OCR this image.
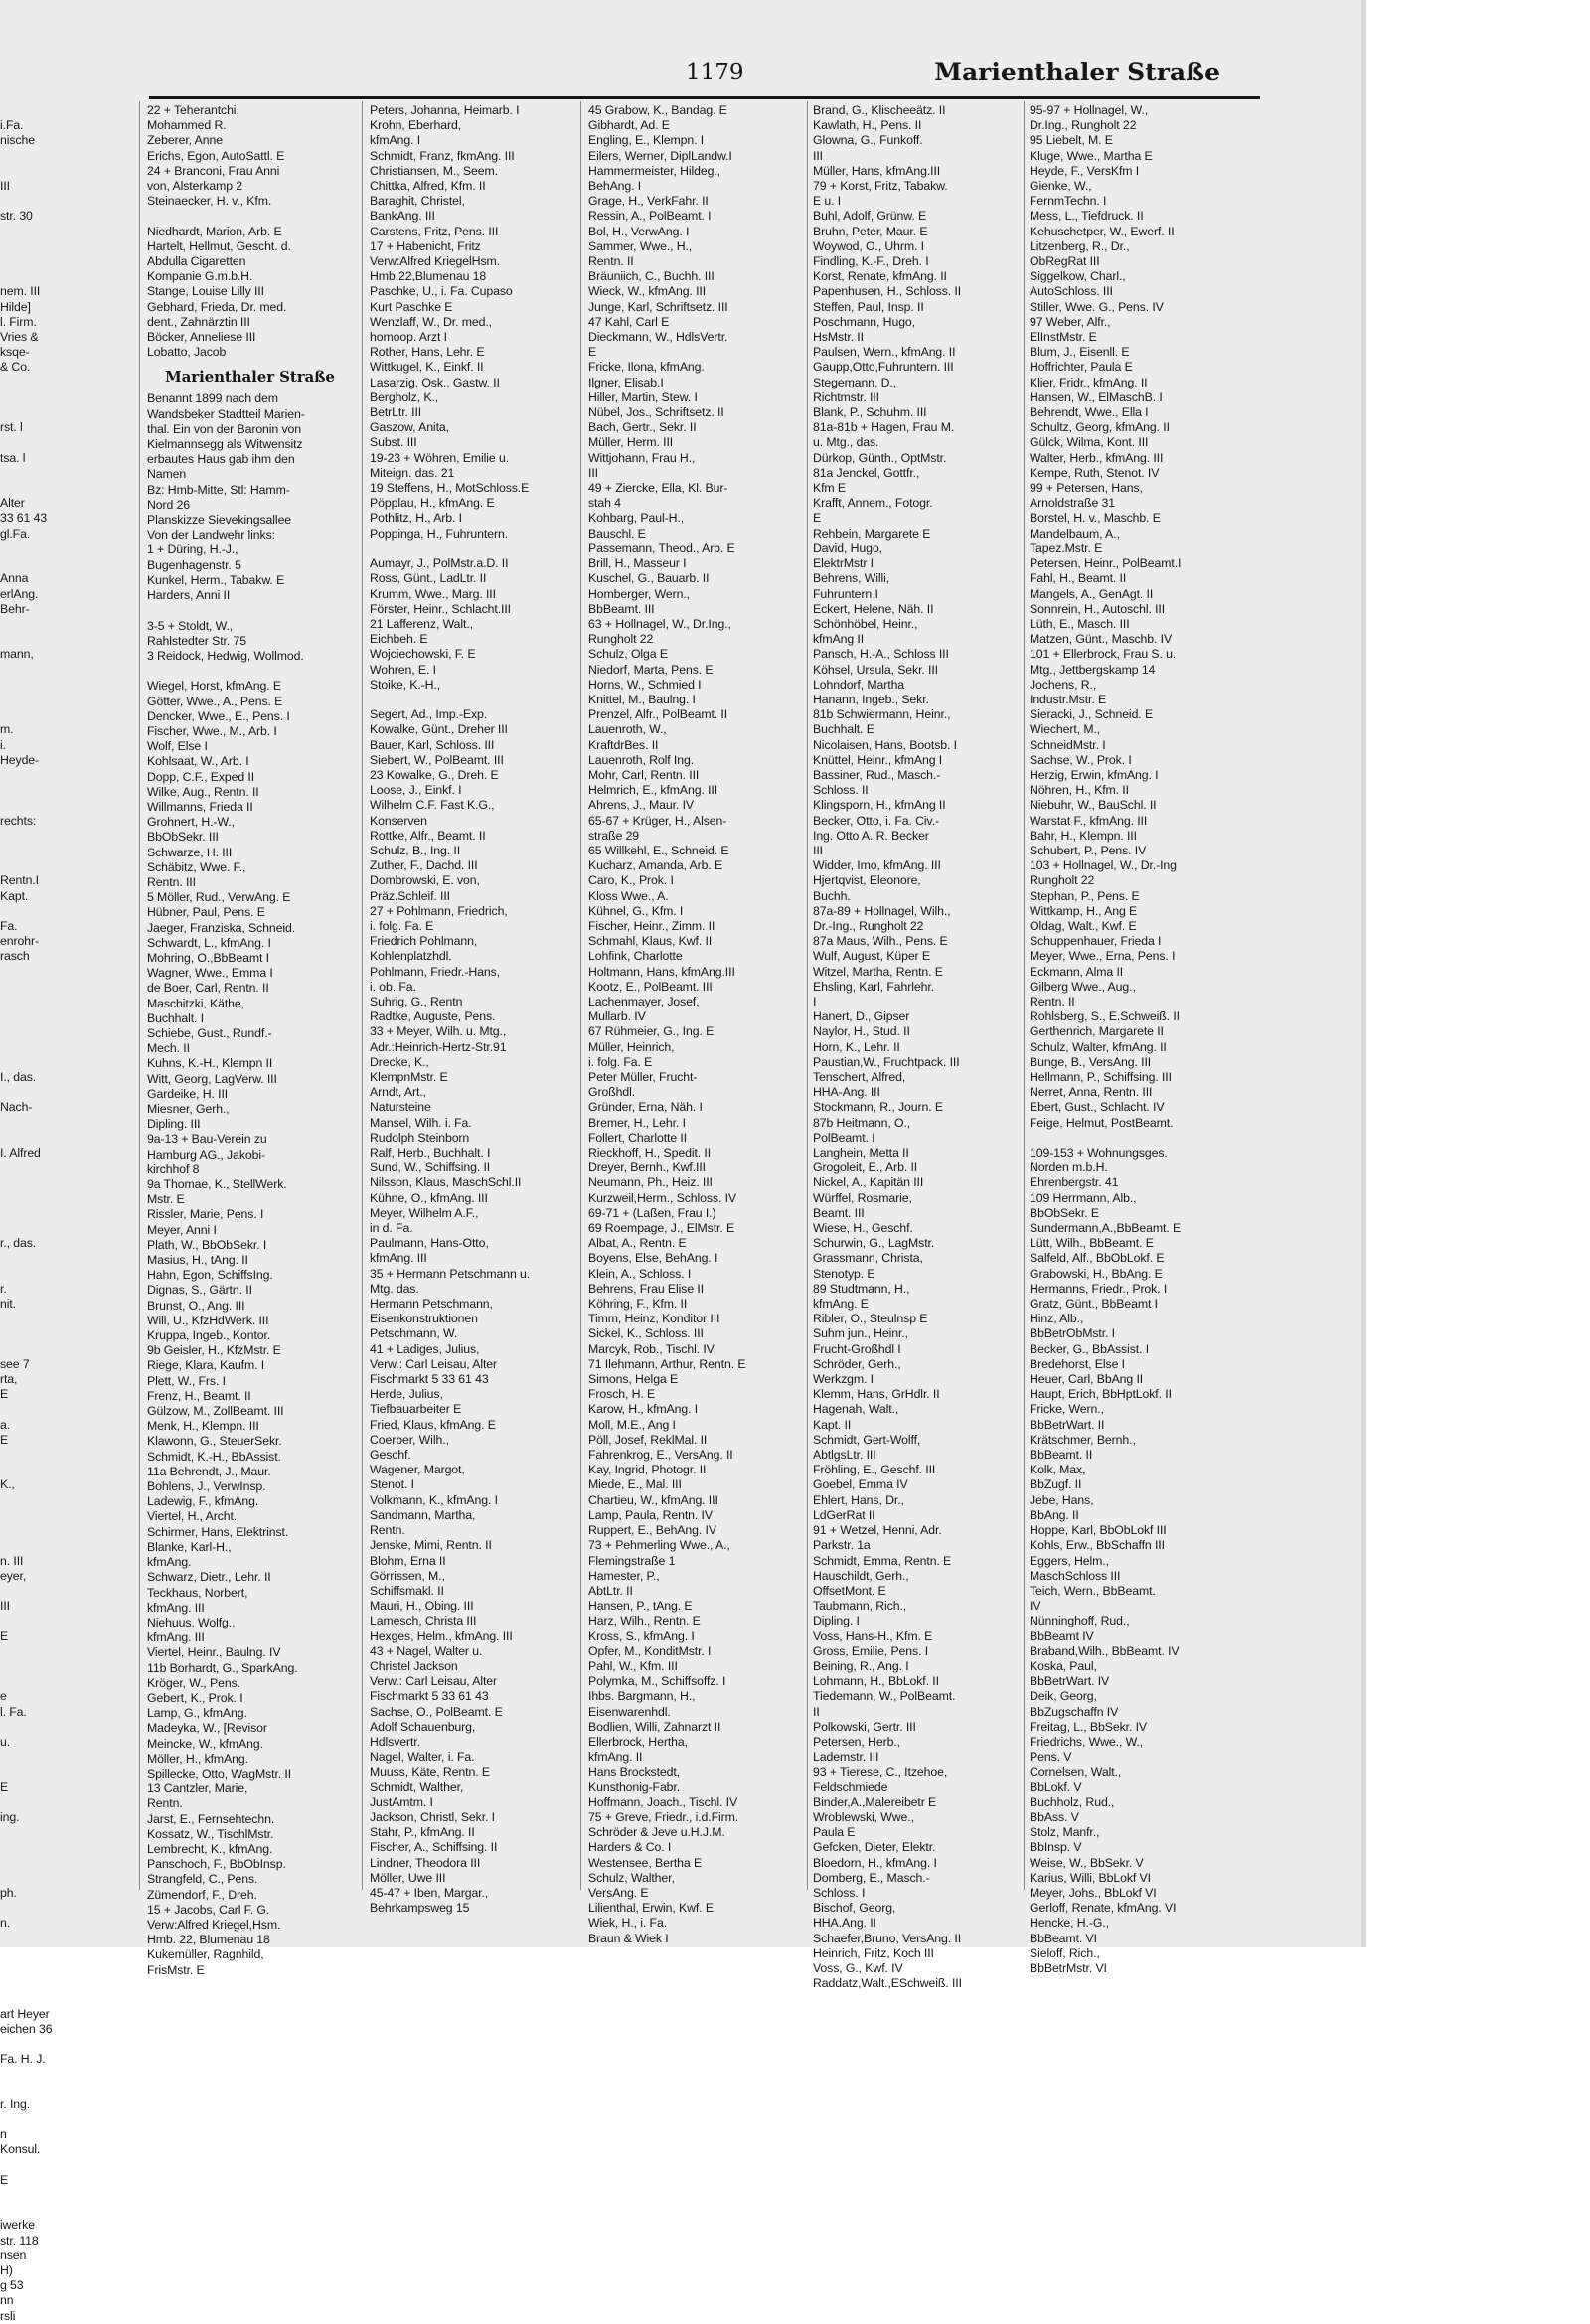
1179	Marienthaler Straße

i.Fa.
nische

III

str. 30

nem. III
Hilde]
l. Firm.
Vries &
ksqe-
& Co.

rst. l

tsa. l

Alter
33 61 43
gl.Fa.

Anna
erlAng.
Behr-

mann,

m.
i.
Heyde-

rechts:

Rentn.I
Kapt.

Fa.
enrohr-
rasch

I., das.

Nach-

I. Alfred

r., das.

r.
nit.

see 7
rta,
E

a.
E

K.,

n. III
eyer,

III

E

e
l. Fa.

u.

E

ing.

ph.

n.

art Heyer
eichen 36

Fa. H. J.

r. Ing.

n
Konsul.

E

iwerke
str. 118
nsen
H)
g 53
nn
rsli
22 + Teherantchi,
Mohammed R.
Zeberer, Anne
Erichs, Egon, AutoSattl. E
24 + Branconi, Frau Anni
von, Alsterkamp 2
Steinaecker, H. v., Kfm.

Niedhardt, Marion, Arb. E
Hartelt, Hellmut, Gescht. d.
Abdulla Cigaretten
Kompanie G.m.b.H.
Stange, Louise Lilly III
Gebhard, Frieda, Dr. med.
dent., Zahnärztin III
Böcker, Anneliese III
Lobatto, Jacob
Marienthaler Straße
Benannt 1899 nach dem
Wandsbeker Stadtteil Marien-
thal. Ein von der Baronin von
Kielmannsegg als Witwensitz
erbautes Haus gab ihm den
Namen
Bz: Hmb-Mitte, Stl: Hamm-
Nord 26
Planskizze Sievekingsallee
Von der Landwehr links:
1 + Düring, H.-J.,
Bugenhagenstr. 5
Kunkel, Herm., Tabakw. E
Harders, Anni II

3-5 + Stoldt, W.,
Rahlstedter Str. 75
3 Reidock, Hedwig, Wollmod.

Wiegel, Horst, kfmAng. E
Götter, Wwe., A., Pens. E
Dencker, Wwe., E., Pens. I
Fischer, Wwe., M., Arb. I
Wolf, Else I
Kohlsaat, W., Arb. I
Dopp, C.F., Exped II
Wilke, Aug., Rentn. II
Willmanns, Frieda II
Grohnert, H.-W.,
BbObSekr. III
Schwarze, H. III
Schäbitz, Wwe. F.,
Rentn. III
5 Möller, Rud., VerwAng. E
Hübner, Paul, Pens. E
Jaeger, Franziska, Schneid.
Schwardt, L., kfmAng. I
Mohring, O.,BbBeamt I
Wagner, Wwe., Emma I
de Boer, Carl, Rentn. II
Maschitzki, Käthe,
Buchhalt. I
Schiebe, Gust., Rundf.-
Mech. II
Kuhns, K.-H., Klempn II
Witt, Georg, LagVerw. III
Gardeike, H. III
Miesner, Gerh.,
Dipling. III
9a-13 + Bau-Verein zu
Hamburg AG., Jakobi-
kirchhof 8
9a Thomae, K., StellWerk.
Mstr. E
Rissler, Marie, Pens. I
Meyer, Anni I
Plath, W., BbObSekr. I
Masius, H., tAng. II
Hahn, Egon, SchiffsIng.
Dignas, S., Gärtn. II
Brunst, O., Ang. III
Will, U., KfzHdWerk. III
Kruppa, Ingeb., Kontor.
9b Geisler, H., KfzMstr. E
Riege, Klara, Kaufm. I
Plett, W., Frs. I
Frenz, H., Beamt. II
Gülzow, M., ZollBeamt. III
Menk, H., Klempn. III
Klawonn, G., SteuerSekr.
Schmidt, K.-H., BbAssist.
11a Behrendt, J., Maur.
Bohlens, J., VerwInsp.
Ladewig, F., kfmAng.
Viertel, H., Archt.
Schirmer, Hans, Elektrinst.
Blanke, Karl-H.,
kfmAng.
Schwarz, Dietr., Lehr. II
Teckhaus, Norbert,
kfmAng. III
Niehuus, Wolfg.,
kfmAng. III
Viertel, Heinr., Baulng. IV
11b Borhardt, G., SparkAng.
Kröger, W., Pens.
Gebert, K., Prok. I
Lamp, G., kfmAng.
Madeyka, W., [Revisor
Meincke, W., kfmAng.
Möller, H., kfmAng.
Spillecke, Otto, WagMstr. II
13 Cantzler, Marie,
Rentn.
Jarst, E., Fernsehtechn.
Kossatz, W., TischlMstr.
Lembrecht, K., kfmAng.
Panschoch, F., BbObInsp.
Strangfeld, C., Pens.
Zümendorf, F., Dreh.
15 + Jacobs, Carl F. G.
Verw:Alfred Kriegel,Hsm.
Hmb. 22, Blumenau 18
Kukemüller, Ragnhild,
FrisMstr. E
Peters, Johanna, Heimarb. I
Krohn, Eberhard,
kfmAng. I
Schmidt, Franz, fkmAng. III
Christiansen, M., Seem.
Chittka, Alfred, Kfm. II
Baraghit, Christel,
BankAng. III
Carstens, Fritz, Pens. III
17 + Habenicht, Fritz
Verw:Alfred KriegelHsm.
Hmb.22,Blumenau 18
Paschke, U., i. Fa. Cupaso
Kurt Paschke E
Wenzlaff, W., Dr. med.,
homoop. Arzt I
Rother, Hans, Lehr. E
Wittkugel, K., Einkf. II
Lasarzig, Osk., Gastw. II
Bergholz, K.,
BetrLtr. III
Gaszow, Anita,
Subst. III
19-23 + Wöhren, Emilie u.
Miteign. das. 21
19 Steffens, H., MotSchloss.E
Pöpplau, H., kfmAng. E
Pothlitz, H., Arb. I
Poppinga, H., Fuhruntern.

Aumayr, J., PolMstr.a.D. II
Ross, Günt., LadLtr. II
Krumm, Wwe., Marg. III
Förster, Heinr., Schlacht.III
21 Lafferenz, Walt.,
Eichbeh. E
Wojciechowski, F. E
Wohren, E. I
Stoike, K.-H.,

Segert, Ad., Imp.-Exp.
Kowalke, Günt., Dreher III
Bauer, Karl, Schloss. III
Siebert, W., PolBeamt. III
23 Kowalke, G., Dreh. E
Loose, J., Einkf. I
Wilhelm C.F. Fast K.G.,
Konserven
Rottke, Alfr., Beamt. II
Schulz, B., Ing. II
Zuther, F., Dachd. III
Dombrowski, E. von,
Präz.Schleif. III
27 + Pohlmann, Friedrich,
i. folg. Fa. E
Friedrich Pohlmann,
Kohlenplatzhdl.
Pohlmann, Friedr.-Hans,
i. ob. Fa.
Suhrig, G., Rentn
Radtke, Auguste, Pens.
33 + Meyer, Wilh. u. Mtg.,
Adr.:Heinrich-Hertz-Str.91
Drecke, K.,
KlempnMstr. E
Arndt, Art.,
Natursteine
Mansel, Wilh. i. Fa.
Rudolph Steinborn
Ralf, Herb., Buchhalt. I
Sund, W., Schiffsing. II
Nilsson, Klaus, MaschSchl.II
Kühne, O., kfmAng. III
Meyer, Wilhelm A.F.,
in d. Fa.
Paulmann, Hans-Otto,
kfmAng. III
35 + Hermann Petschmann u.
Mtg. das.
Hermann Petschmann,
Eisenkonstruktionen
Petschmann, W.
41 + Ladiges, Julius,
Verw.: Carl Leisau, Alter
Fischmarkt 5 33 61 43
Herde, Julius,
Tiefbauarbeiter E
Fried, Klaus, kfmAng. E
Coerber, Wilh.,
Geschf.
Wagener, Margot,
Stenot. I
Volkmann, K., kfmAng. I
Sandmann, Martha,
Rentn.
Jenske, Mimi, Rentn. II
Blohm, Erna II
Görrissen, M.,
Schiffsmakl. II
Mauri, H., Obing. III
Lamesch, Christa III
Hexges, Helm., kfmAng. III
43 + Nagel, Walter u.
Christel Jackson
Verw.: Carl Leisau, Alter
Fischmarkt 5 33 61 43
Sachse, O., PolBeamt. E
Adolf Schauenburg,
Hdlsvertr.
Nagel, Walter, i. Fa.
Muuss, Käte, Rentn. E
Schmidt, Walther,
JustAmtm. I
Jackson, Christl, Sekr. I
Stahr, P., kfmAng. II
Fischer, A., Schiffsing. II
Lindner, Theodora III
Möller, Uwe III
45-47 + Iben, Margar.,
Behrkampsweg 15
45 Grabow, K., Bandag. E
Gibhardt, Ad. E
Engling, E., Klempn. I
Eilers, Werner, DiplLandw.I
Hammermeister, Hildeg.,
BehAng. I
Grage, H., VerkFahr. II
Ressin, A., PolBeamt. I
Bol, H., VerwAng. I
Sammer, Wwe., H.,
Rentn. II
Bräuniich, C., Buchh. III
Wieck, W., kfmAng. III
Junge, Karl, Schriftsetz. III
47 Kahl, Carl E
Dieckmann, W., HdlsVertr.
E
Fricke, Ilona, kfmAng.
Ilgner, Elisab.I
Hiller, Martin, Stew. I
Nübel, Jos., Schriftsetz. II
Bach, Gertr., Sekr. II
Müller, Herm. III
Wittjohann, Frau H.,
III
49 + Ziercke, Ella, Kl. Bur-
stah 4
Kohbarg, Paul-H.,
Bauschl. E
Passemann, Theod., Arb. E
Brill, H., Masseur I
Kuschel, G., Bauarb. II
Homberger, Wern.,
BbBeamt. III
63 + Hollnagel, W., Dr.Ing.,
Rungholt 22
Schulz, Olga E
Niedorf, Marta, Pens. E
Horns, W., Schmied I
Knittel, M., Baulng. I
Prenzel, Alfr., PolBeamt. II
Lauenroth, W.,
KraftdrBes. II
Lauenroth, Rolf Ing.
Mohr, Carl, Rentn. III
Helmrich, E., kfmAng. III
Ahrens, J., Maur. IV
65-67 + Krüger, H., Alsen-
straße 29
65 Willkehl, E., Schneid. E
Kucharz, Amanda, Arb. E
Caro, K., Prok. I
Kloss Wwe., A.
Kühnel, G., Kfm. I
Fischer, Heinr., Zimm. II
Schmahl, Klaus, Kwf. II
Lohfink, Charlotte
Holtmann, Hans, kfmAng.III
Kootz, E., PolBeamt. III
Lachenmayer, Josef,
Mullarb. IV
67 Rühmeier, G., Ing. E
Müller, Heinrich,
i. folg. Fa. E
Peter Müller, Frucht-
Großhdl.
Gründer, Erna, Näh. I
Bremer, H., Lehr. I
Follert, Charlotte II
Rieckhoff, H., Spedit. II
Dreyer, Bernh., Kwf.III
Neumann, Ph., Heiz. III
Kurzweil,Herm., Schloss. IV
69-71 + (Laßen, Frau I.)
69 Roempage, J., ElMstr. E
Albat, A., Rentn. E
Boyens, Else, BehAng. I
Klein, A., Schloss. I
Behrens, Frau Elise II
Köhring, F., Kfm. II
Timm, Heinz, Konditor III
Sickel, K., Schloss. III
Marcyk, Rob., Tischl. IV
71 Ilehmann, Arthur, Rentn. E
Simons, Helga E
Frosch, H. E
Karow, H., kfmAng. I
Moll, M.E., Ang I
Pöll, Josef, ReklMal. II
Fahrenkrog, E., VersAng. II
Kay, Ingrid, Photogr. II
Miede, E., Mal. III
Chartieu, W., kfmAng. III
Lamp, Paula, Rentn. IV
Ruppert, E., BehAng. IV
73 + Pehmerling Wwe., A.,
Flemingstraße 1
Hamester, P.,
AbtLtr. II
Hansen, P., tAng. E
Harz, Wilh., Rentn. E
Kross, S., kfmAng. I
Opfer, M., KonditMstr. I
Pahl, W., Kfm. III
Polymka, M., Schiffsoffz. I
Ihbs. Bargmann, H.,
Eisenwarenhdl.
Bodlien, Willi, Zahnarzt II
Ellerbrock, Hertha,
kfmAng. II
Hans Brockstedt,
Kunsthonig-Fabr.
Hoffmann, Joach., Tischl. IV
75 + Greve, Friedr., i.d.Firm.
Schröder & Jeve u.H.J.M.
Harders & Co. I
Westensee, Bertha E
Schulz, Walther,
VersAng. E
Lilienthal, Erwin, Kwf. E
Wiek, H., i. Fa.
Braun & Wiek I
Brand, G., Klischeeätz. II
Kawlath, H., Pens. II
Glowna, G., Funkoff.
III
Müller, Hans, kfmAng.III
79 + Korst, Fritz, Tabakw.
E u. I
Buhl, Adolf, Grünw. E
Bruhn, Peter, Maur. E
Woywod, O., Uhrm. I
Findling, K.-F., Dreh. I
Korst, Renate, kfmAng. II
Papenhusen, H., Schloss. II
Steffen, Paul, Insp. II
Poschmann, Hugo,
HsMstr. II
Paulsen, Wern., kfmAng. II
Gaupp,Otto,Fuhruntern. III
Stegemann, D.,
Richtmstr. III
Blank, P., Schuhm. III
81a-81b + Hagen, Frau M.
u. Mtg., das.
Dürkop, Günth., OptMstr.
81a Jenckel, Gottfr.,
Kfm E
Krafft, Annem., Fotogr.
E
Rehbein, Margarete E
David, Hugo,
ElektrMstr I
Behrens, Willi,
Fuhruntern I
Eckert, Helene, Näh. II
Schönhöbel, Heinr.,
kfmAng II
Pansch, H.-A., Schloss III
Köhsel, Ursula, Sekr. III
Lohndorf, Martha
Hanann, Ingeb., Sekr.
81b Schwiermann, Heinr.,
Buchhalt. E
Nicolaisen, Hans, Bootsb. I
Knüttel, Heinr., kfmAng I
Bassiner, Rud., Masch.-
Schloss. II
Klingsporn, H., kfmAng II
Becker, Otto, i. Fa. Civ.-
Ing. Otto A. R. Becker
III
Widder, Imo, kfmAng. III
Hjertqvist, Eleonore,
Buchh.
87a-89 + Hollnagel, Wilh.,
Dr.-Ing., Rungholt 22
87a Maus, Wilh., Pens. E
Wulf, August, Küper E
Witzel, Martha, Rentn. E
Ehsling, Karl, Fahrlehr.
I
Hanert, D., Gipser
Naylor, H., Stud. II
Horn, K., Lehr. II
Paustian,W., Fruchtpack. III
Tenschert, Alfred,
HHA-Ang. III
Stockmann, R., Journ. E
87b Heitmann, O.,
PolBeamt. I
Langhein, Metta II
Grogoleit, E., Arb. II
Nickel, A., Kapitän III
Würffel, Rosmarie,
Beamt. III
Wiese, H., Geschf.
Schurwin, G., LagMstr.
Grassmann, Christa,
Stenotyp. E
89 Studtmann, H.,
kfmAng. E
Ribler, O., Steulnsp E
Suhm jun., Heinr.,
Frucht-Großhdl I
Schröder, Gerh.,
Werkzgm. I
Klemm, Hans, GrHdlr. II
Hagenah, Walt.,
Kapt. II
Schmidt, Gert-Wolff,
AbtlgsLtr. III
Fröhling, E., Geschf. III
Goebel, Emma IV
Ehlert, Hans, Dr.,
LdGerRat II
91 + Wetzel, Henni, Adr.
Parkstr. 1a
Schmidt, Emma, Rentn. E
Hauschildt, Gerh.,
OffsetMont. E
Taubmann, Rich.,
Dipling. I
Voss, Hans-H., Kfm. E
Gross, Emilie, Pens. I
Beining, R., Ang. I
Lohmann, H., BbLokf. II
Tiedemann, W., PolBeamt.
II
Polkowski, Gertr. III
Petersen, Herb.,
Lademstr. III
93 + Tierese, C., Itzehoe,
Feldschmiede
Binder,A.,Malereibetr E
Wroblewski, Wwe.,
Paula E
Gefcken, Dieter, Elektr.
Bloedorn, H., kfmAng. I
Domberg, E., Masch.-
Schloss. I
Bischof, Georg,
HHA.Ang. II
Schaefer,Bruno, VersAng. II
Heinrich, Fritz, Koch III
Voss, G., Kwf. IV
Raddatz,Walt.,ESchweiß. III
95-97 + Hollnagel, W.,
Dr.Ing., Rungholt 22
95 Liebelt, M. E
Kluge, Wwe., Martha E
Heyde, F., VersKfm I
Gienke, W.,
FernmTechn. I
Mess, L., Tiefdruck. II
Kehuschetper, W., Ewerf. II
Litzenberg, R., Dr.,
ObRegRat III
Siggelkow, Charl.,
AutoSchloss. III
Stiller, Wwe. G., Pens. IV
97 Weber, Alfr.,
ElInstMstr. E
Blum, J., Eisenll. E
Hoffrichter, Paula E
Klier, Fridr., kfmAng. II
Hansen, W., ElMaschB. I
Behrendt, Wwe., Ella I
Schultz, Georg, kfmAng. II
Gülck, Wilma, Kont. III
Walter, Herb., kfmAng. III
Kempe, Ruth, Stenot. IV
99 + Petersen, Hans,
Arnoldstraße 31
Borstel, H. v., Maschb. E
Mandelbaum, A.,
Tapez.Mstr. E
Petersen, Heinr., PolBeamt.I
Fahl, H., Beamt. II
Mangels, A., GenAgt. II
Sonnrein, H., Autoschl. III
Lüth, E., Masch. III
Matzen, Günt., Maschb. IV
101 + Ellerbrock, Frau S. u.
Mtg., Jettbergskamp 14
Jochens, R.,
Industr.Mstr. E
Sieracki, J., Schneid. E
Wiechert, M.,
SchneidMstr. I
Sachse, W., Prok. I
Herzig, Erwin, kfmAng. I
Nöhren, H., Kfm. II
Niebuhr, W., BauSchl. II
Warstat F., kfmAng. III
Bahr, H., Klempn. III
Schubert, P., Pens. IV
103 + Hollnagel, W., Dr.-Ing
Rungholt 22
Stephan, P., Pens. E
Wittkamp, H., Ang E
Oldag, Walt., Kwf. E
Schuppenhauer, Frieda I
Meyer, Wwe., Erna, Pens. I
Eckmann, Alma II
Gilberg Wwe., Aug.,
Rentn. II
Rohlsberg, S., E.Schweiß. II
Gerthenrich, Margarete II
Schulz, Walter, kfmAng. II
Bunge, B., VersAng. III
Hellmann, P., Schiffsing. III
Nerret, Anna, Rentn. III
Ebert, Gust., Schlacht. IV
Feige, Helmut, PostBeamt.

109-153 + Wohnungsges.
Norden m.b.H.
Ehrenbergstr. 41
109 Herrmann, Alb.,
BbObSekr. E
Sundermann,A.,BbBeamt. E
Lütt, Wilh., BbBeamt. E
Salfeld, Alf., BbObLokf. E
Grabowski, H., BbAng. E
Hermanns, Friedr., Prok. I
Gratz, Günt., BbBeamt I
Hinz, Alb.,
BbBetrObMstr. I
Becker, G., BbAssist. I
Bredehorst, Else I
Heuer, Carl, BbAng II
Haupt, Erich, BbHptLokf. II
Fricke, Wern.,
BbBetrWart. II
Krätschmer, Bernh.,
BbBeamt. II
Kolk, Max,
BbZugf. II
Jebe, Hans,
BbAng. II
Hoppe, Karl, BbObLokf III
Kohls, Erw., BbSchaffn III
Eggers, Helm.,
MaschSchloss III
Teich, Wern., BbBeamt.
IV
Nünninghoff, Rud.,
BbBeamt IV
Braband,Wilh., BbBeamt. IV
Koska, Paul,
BbBetrWart. IV
Deik, Georg,
BbZugschaffn IV
Freitag, L., BbSekr. IV
Friedrichs, Wwe., W.,
Pens. V
Cornelsen, Walt.,
BbLokf. V
Buchholz, Rud.,
BbAss. V
Stolz, Manfr.,
BbInsp. V
Weise, W., BbSekr. V
Karius, Willi, BbLokf VI
Meyer, Johs., BbLokf VI
Gerloff, Renate, kfmAng. VI
Hencke, H.-G.,
BbBeamt. VI
Sieloff, Rich.,
BbBetrMstr. VI
